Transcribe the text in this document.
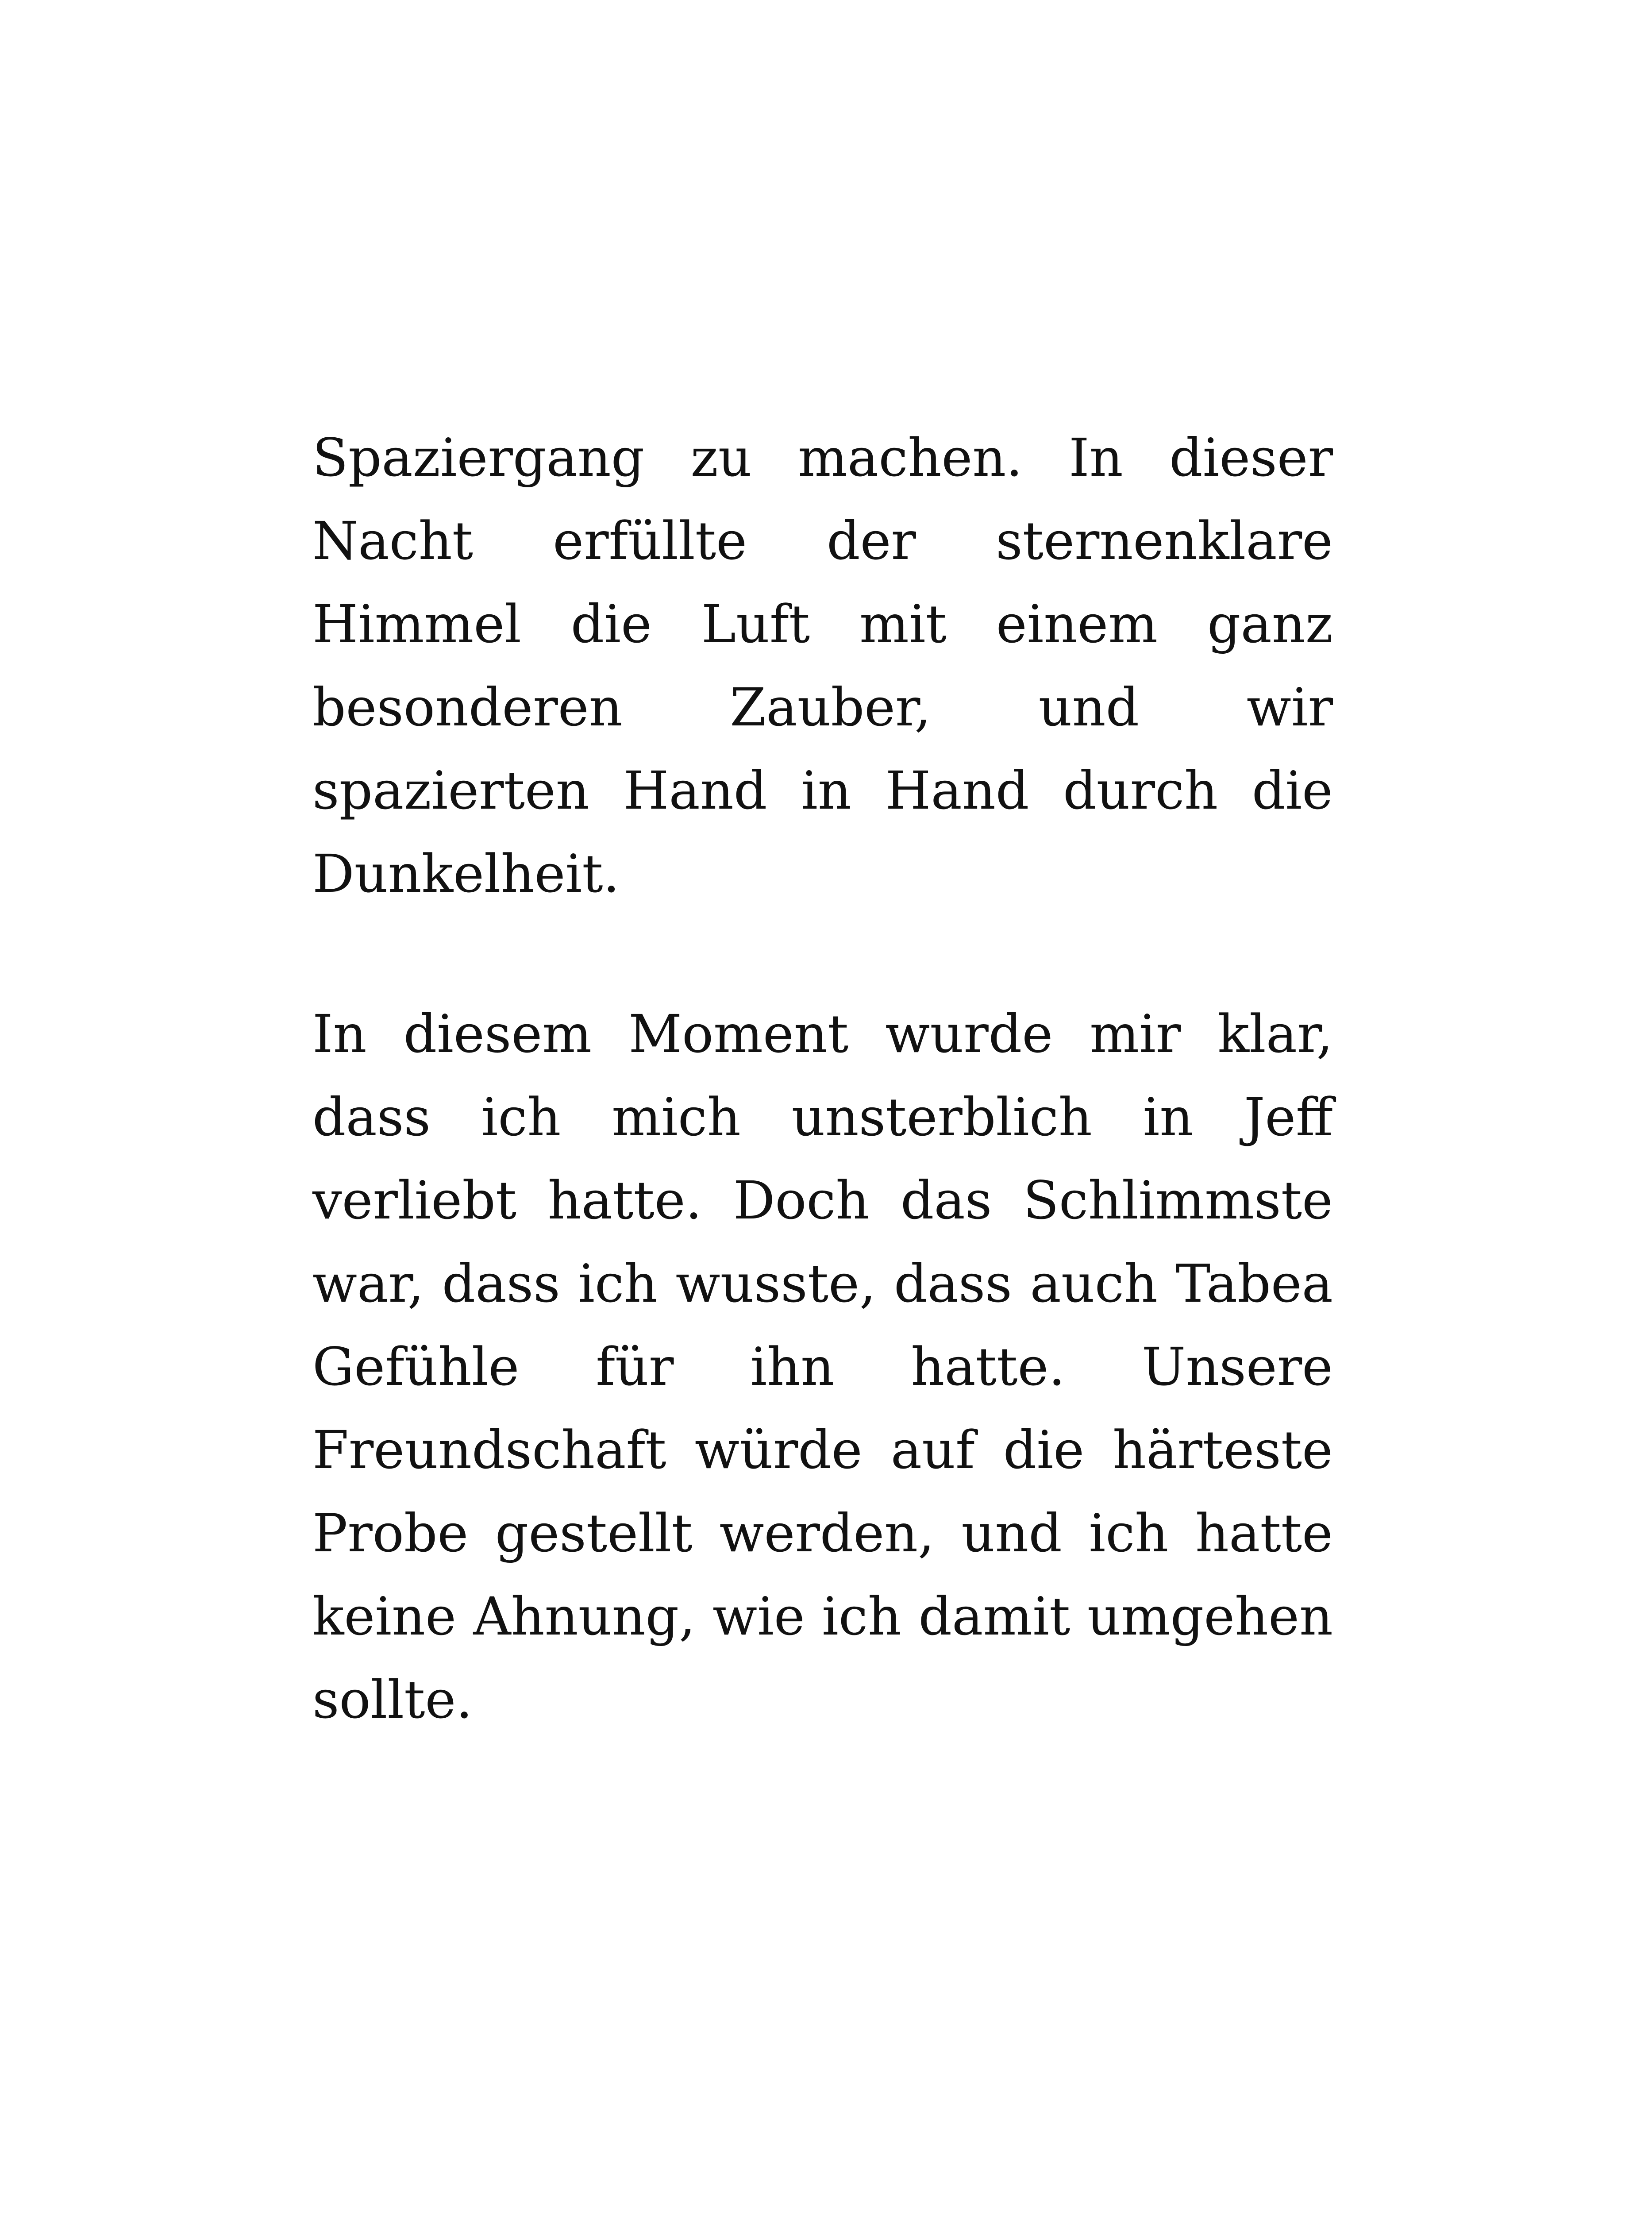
Spaziergang zu machen. In dieser Nacht erfüllte der sternenklare Himmel die Luft mit einem ganz besonderen Zauber, und wir spazierten Hand in Hand durch die Dunkelheit.

In diesem Moment wurde mir klar, dass ich mich unsterblich in Jeff verliebt hatte. Doch das Schlimmste war, dass ich wusste, dass auch Tabea Gefühle für ihn hatte. Unsere Freundschaft würde auf die härteste Probe gestellt werden, und ich hatte keine Ahnung, wie ich damit umgehen sollte.
